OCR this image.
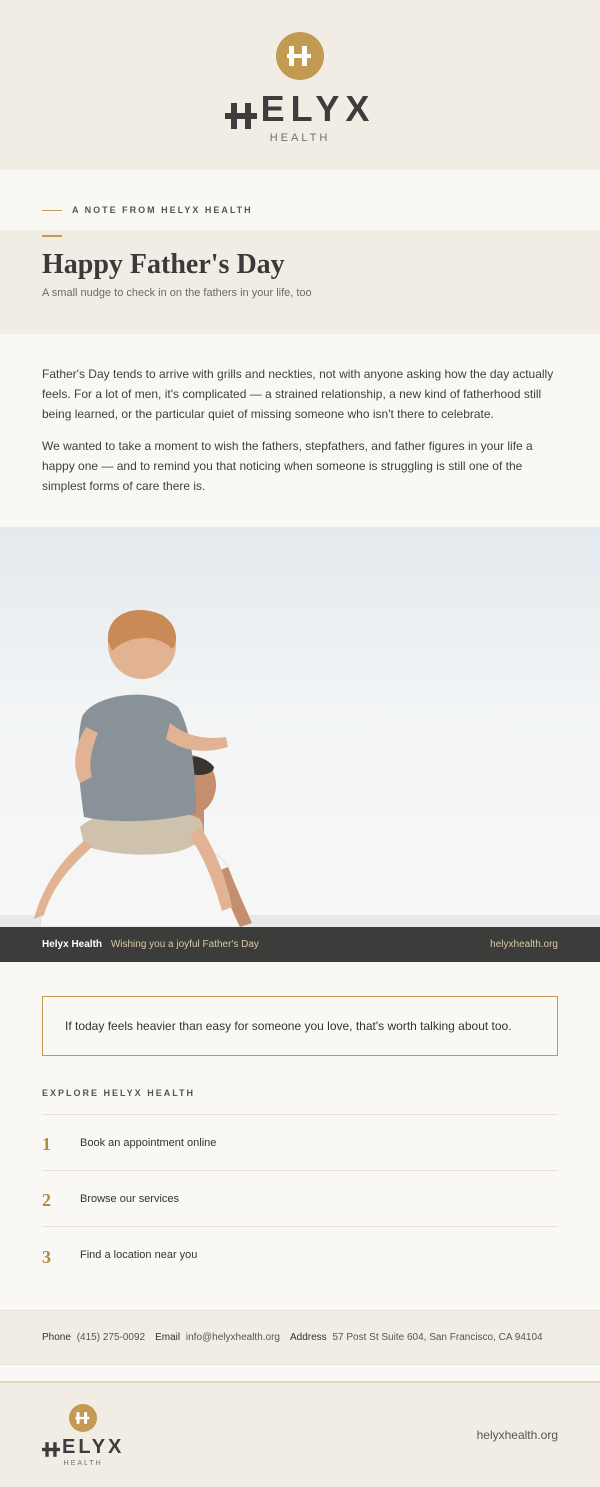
ELYX
HEALTH
A NOTE FROM HELYX HEALTH
Happy Father's Day
A small nudge to check in on the fathers in your life, too

Father's Day tends to arrive with grills and neckties, not with anyone asking how the day actually feels. For a lot of men, it's complicated — a strained relationship, a new kind of fatherhood still being learned, or the particular quiet of missing someone who isn't there to celebrate.

We wanted to take a moment to wish the fathers, stepfathers, and father figures in your life a happy one — and to remind you that noticing when someone is struggling is still one of the simplest forms of care there is.

Helyx Health Wishing you a joyful Father's Day	helyxhealth.org
If today feels heavier than easy for someone you love, that's worth talking about too.
EXPLORE HELYX HEALTH
1	Book an appointment online
2	Browse our services
3	Find a location near you
Phone (415) 275-0092 Email info@helyxhealth.org Address 57 Post St Suite 604, San Francisco, CA 94104
ELYX
HEALTH
helyxhealth.org
